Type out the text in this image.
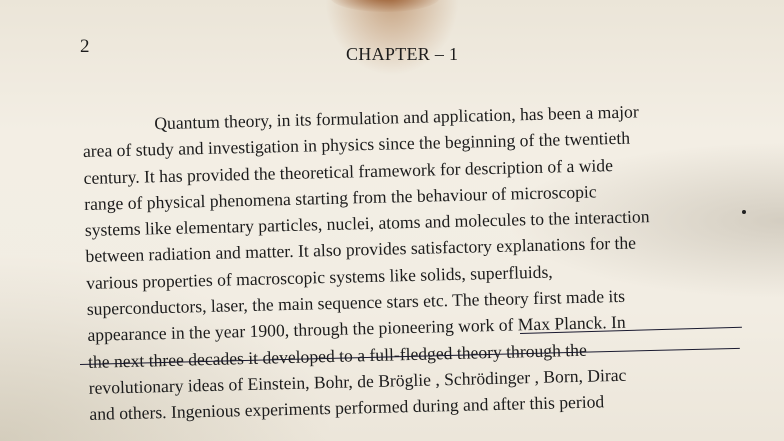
2	CHAPTER – 1
Quantum theory, in its formulation and application, has been a major
area of study and investigation in physics since the beginning of the twentieth
century. It has provided the theoretical framework for description of a wide
range of physical phenomena starting from the behaviour of microscopic
systems like elementary particles, nuclei, atoms and molecules to the interaction
between radiation and matter. It also provides satisfactory explanations for the
various properties of macroscopic systems like solids, superfluids,
superconductors, laser, the main sequence stars etc. The theory first made its
appearance in the year 1900, through the pioneering work of Max Planck. In
the next three decades it developed to a full-fledged theory through the
revolutionary ideas of Einstein, Bohr, de Bröglie , Schrödinger , Born, Dirac
and others. Ingenious experiments performed during and after this period
